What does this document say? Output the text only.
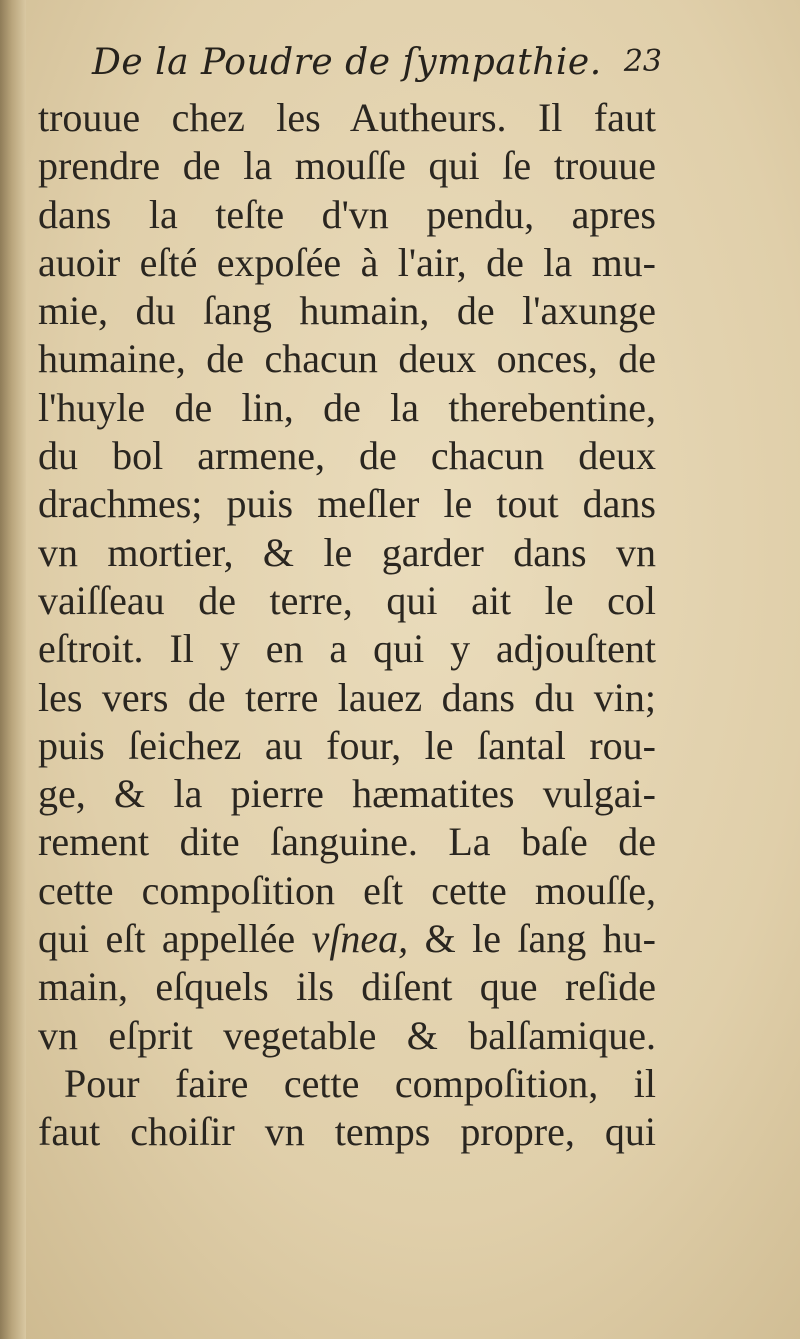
De la Poudre de ſympathie. 23
trouue chez les Autheurs. Il faut
prendre de la mouſſe qui ſe trouue
dans la teſte d'vn pendu, apres
auoir eſté expoſée à l'air, de la mu-
mie, du ſang humain, de l'axunge
humaine, de chacun deux onces, de
l'huyle de lin, de la therebentine,
du bol armene, de chacun deux
drachmes; puis meſler le tout dans
vn mortier, & le garder dans vn
vaiſſeau de terre, qui ait le col
eſtroit. Il y en a qui y adjouſtent
les vers de terre lauez dans du vin;
puis ſeichez au four, le ſantal rou-
ge, & la pierre hæmatites vulgai-
rement dite ſanguine. La baſe de
cette compoſition eſt cette mouſſe,
qui eſt appellée vſnea, & le ſang hu-
main, eſquels ils diſent que reſide
vn eſprit vegetable & balſamique.
Pour faire cette compoſition, il
faut choiſir vn temps propre, qui
